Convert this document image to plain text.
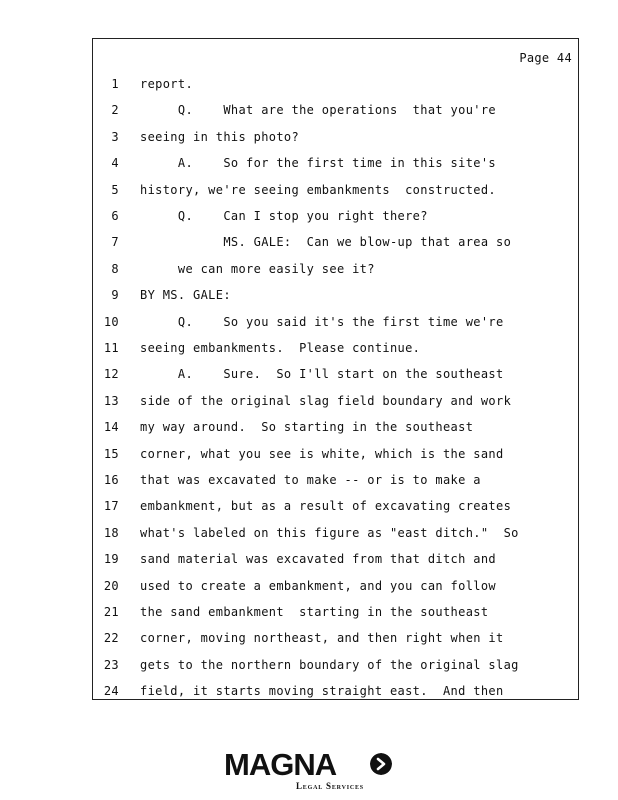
Page 44
1 report.
2 Q.    What are the operations  that you're
3 seeing in this photo?
4 A.    So for the first time in this site's
5 history, we're seeing embankments  constructed.
6 Q.    Can I stop you right there?
7 MS. GALE:  Can we blow-up that area so
8 we can more easily see it?
9 BY MS. GALE:
10 Q.    So you said it's the first time we're
11 seeing embankments.  Please continue.
12 A.    Sure.  So I'll start on the southeast
13 side of the original slag field boundary and work
14 my way around.  So starting in the southeast
15 corner, what you see is white, which is the sand
16 that was excavated to make -- or is to make a
17 embankment, but as a result of excavating creates
18 what's labeled on this figure as "east ditch."  So
19 sand material was excavated from that ditch and
20 used to create a embankment, and you can follow
21 the sand embankment  starting in the southeast
22 corner, moving northeast, and then right when it
23 gets to the northern boundary of the original slag
24 field, it starts moving straight east.  And then
MAGNA
Legal Services
